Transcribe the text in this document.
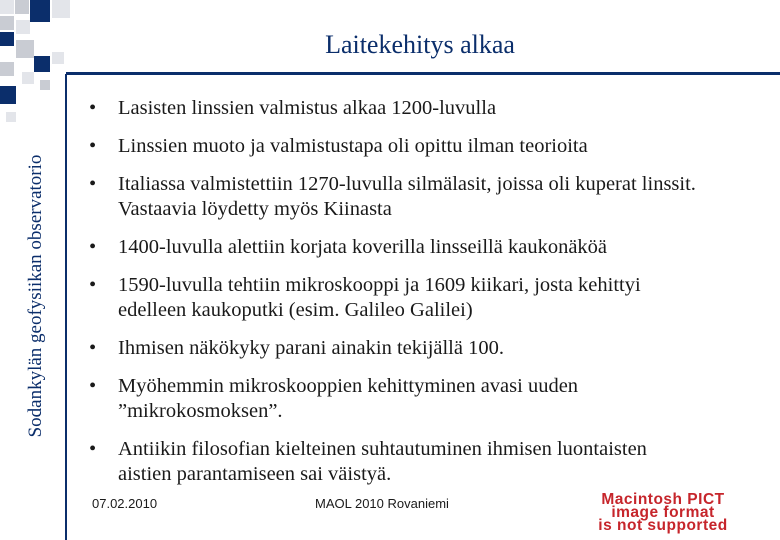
Sodankylän geofysiikan observatorio
Laitekehitys alkaa
• Lasisten linssien valmistus alkaa 1200-luvulla
• Linssien muoto ja valmistustapa oli opittu ilman teorioita
• Italiassa valmistettiin 1270-luvulla silmälasit, joissa oli kuperat linssit. Vastaavia löydetty myös Kiinasta
• 1400-luvulla alettiin korjata koverilla linsseillä kaukonäköä
• 1590-luvulla tehtiin mikroskooppi ja 1609 kiikari, josta kehittyi edelleen kaukoputki (esim. Galileo Galilei)
• Ihmisen näkökyky parani ainakin tekijällä 100.
• Myöhemmin mikroskooppien kehittyminen avasi uuden ”mikrokosmoksen”.
• Antiikin filosofian kielteinen suhtautuminen ihmisen luontaisten aistien parantamiseen sai väistyä.
07.02.2010	MAOL 2010 Rovaniemi	Macintosh PICT
image format
is not supported
